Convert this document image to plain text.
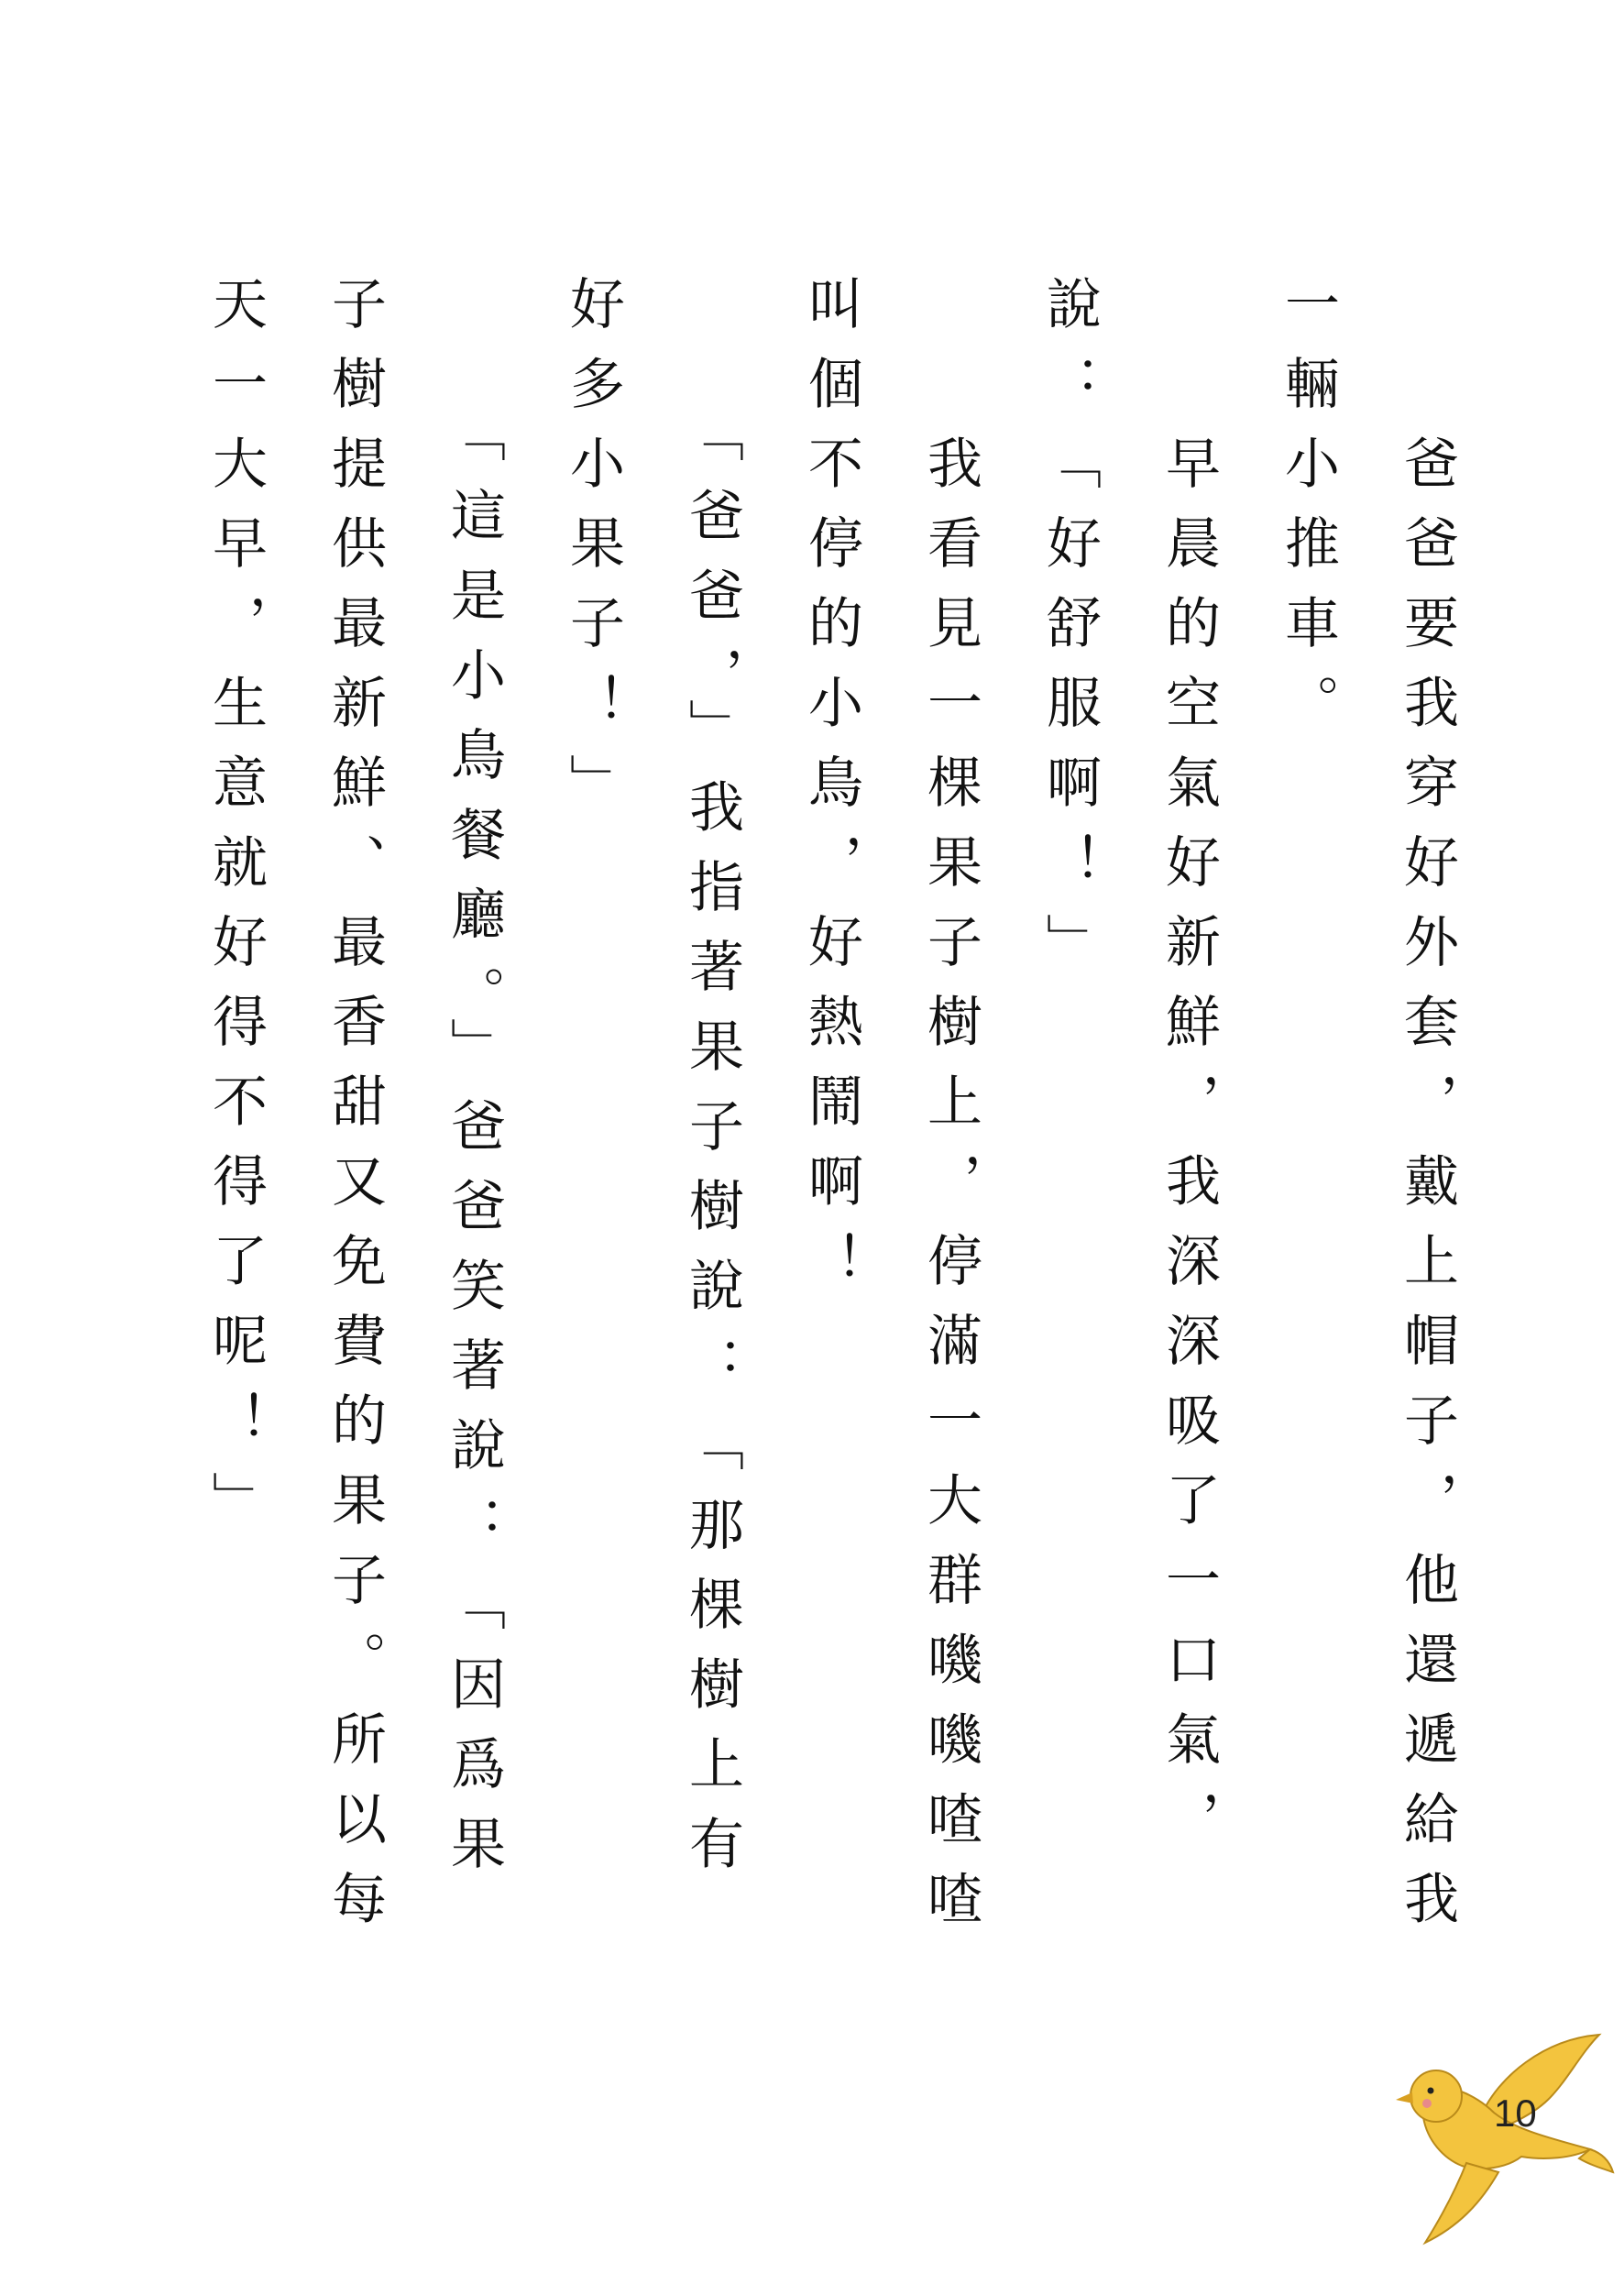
　　爸爸要我穿好外套，戴上帽子，他還遞給我
一輛小推車。
　　早晨的空氣好新鮮，我深深吸了一口氣，
說：「好舒服啊！」
　　我看見一棵果子樹上，停滿一大群嘰嘰喳喳
叫個不停的小鳥，好熱鬧啊！
　　「爸爸，」我指著果子樹說：「那棵樹上有
好多小果子！」
　　「這是小鳥餐廳。」爸爸笑著說：「因爲果
子樹提供最新鮮、最香甜又免費的果子。所以每
天一大早，生意就好得不得了呢！」
10
